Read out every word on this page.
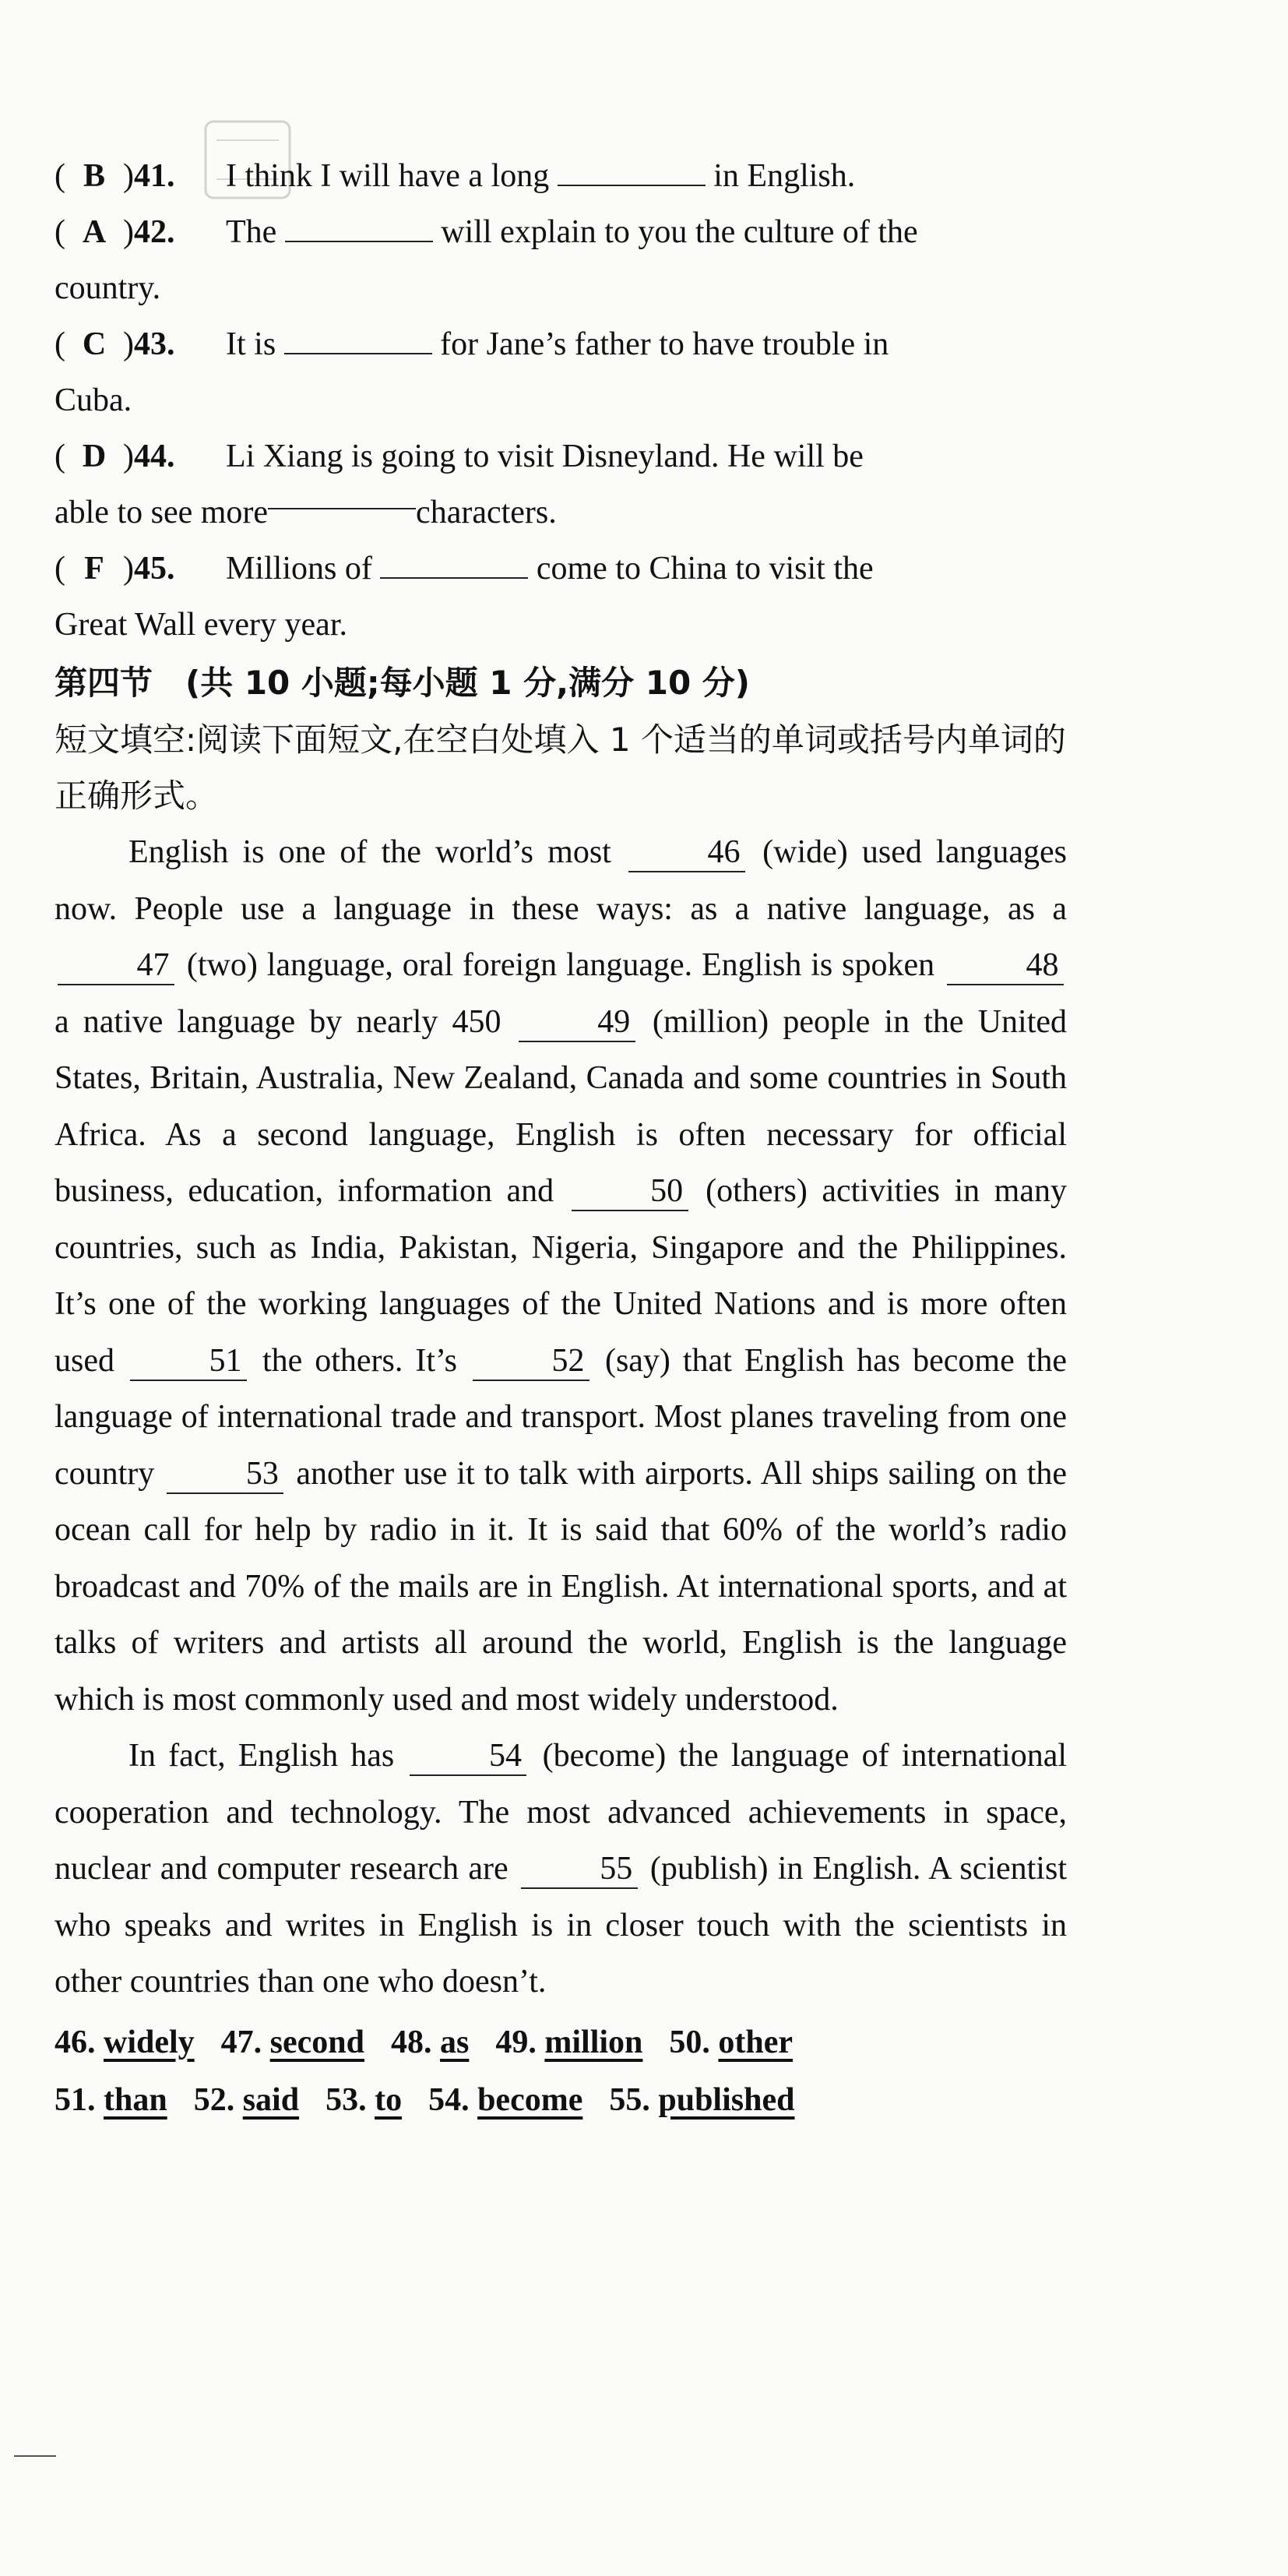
( B ) 41. I think I will have a long	in English.
( A ) 42. The	will explain to you the culture of the
country.
( C ) 43. It is	for Jane’s father to have trouble in
Cuba.
( D ) 44. Li Xiang is going to visit Disneyland. He will be
able to see more	characters.
( F ) 45. Millions of	come to China to visit the
Great Wall every year.
第四节　(共 10 小题;每小题 1 分,满分 10 分)
短文填空:阅读下面短文,在空白处填入 1 个适当的单词或括号内单词的正确形式。

English is one of the world’s most	46 (wide) used languages now. People use a language in these ways: as a native language, as a 47 (two) language, oral foreign language. English is spoken	48 a native language by nearly 450	49 (million) people in the United States, Britain, Australia, New Zealand, Canada and some countries in South Africa. As a second language, English is often necessary for official business, education, information and	50 (others) activities in many countries, such as India, Pakistan, Nigeria, Singapore and the Philippines. It’s one of the working languages of the United Nations and is more often used	51 the others. It’s	52 (say) that English has become the language of international trade and transport. Most planes traveling from one country	53 another use it to talk with airports. All ships sailing on the ocean call for help by radio in it. It is said that 60% of the world’s radio broadcast and 70% of the mails are in English. At international sports, and at talks of writers and artists all around the world, English is the language which is most commonly used and most widely understood.

In fact, English has	54 (become) the language of international cooperation and technology. The most advanced achievements in space, nuclear and computer research are	55 (publish) in English. A scientist who speaks and writes in English is in closer touch with the scientists in other countries than one who doesn’t.

46. widely 47. second 48. as 49. million 50. other
51. than 52. said 53. to 54. become 55. published
